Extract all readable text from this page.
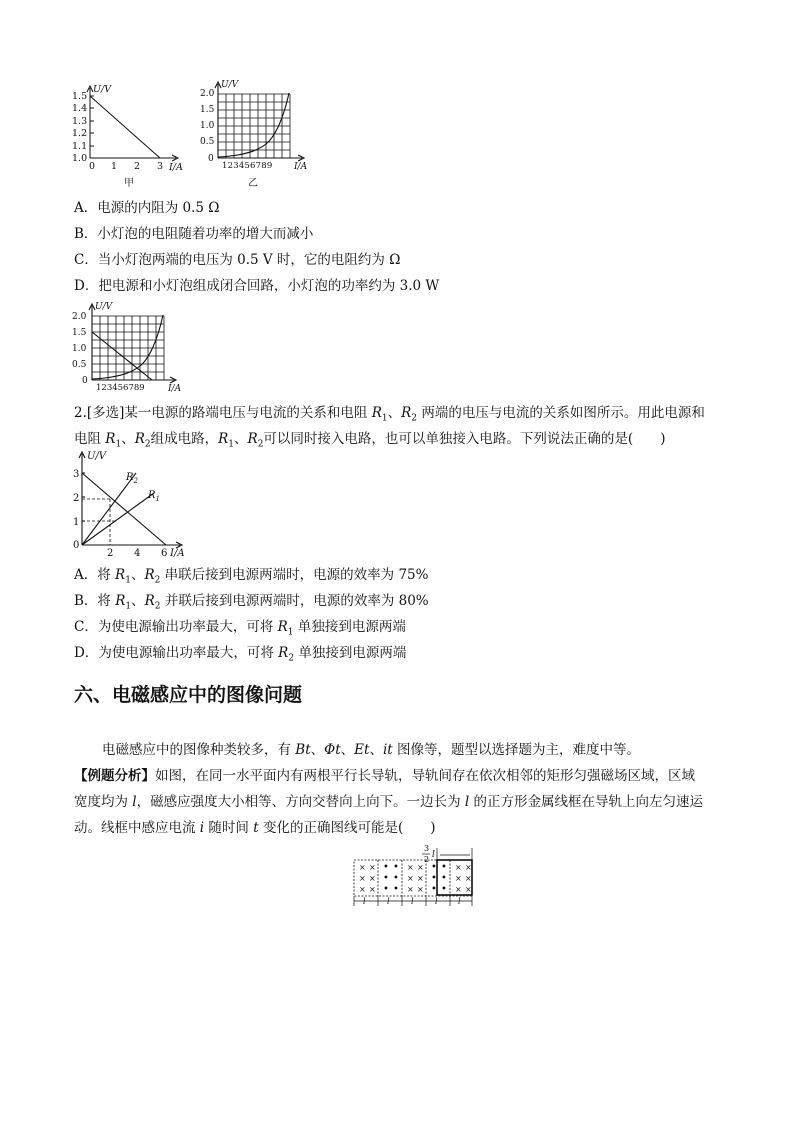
U/V
1.5
1.4
1.3
1.2
1.1
1.0
0 1 2 3 I/A
甲
U/V
2.0
1.5
1.0
0.5
0
123456789 I/A
乙
A．电源的内阻为 0.5 Ω
B．小灯泡的电阻随着功率的增大而减小
C．当小灯泡两端的电压为 0.5 V 时，它的电阻约为 Ω
D．把电源和小灯泡组成闭合回路，小灯泡的功率约为 3.0 W
U/V
2.0
1.5
1.0
0.5
0
123456789	I/A
2.[多选]某一电源的路端电压与电流的关系和电阻 $R_1$、$R_2$ 两端的电压与电流的关系如图所示。用此电源和
电阻 $R_1$、$R_2$组成电路，$R_1$、$R_2$可以同时接入电路，也可以单独接入电路。下列说法正确的是(　　)
U/V
3
2
1
0
2 4 6 I/A
$R_2$
$R_1$
A．将 $R_1$、$R_2$ 串联后接到电源两端时，电源的效率为 75%
B．将 $R_1$、$R_2$ 并联后接到电源两端时，电源的效率为 80%
C．为使电源输出功率最大，可将 $R_1$ 单独接到电源两端
D．为使电源输出功率最大，可将 $R_2$ 单独接到电源两端
六、电磁感应中的图像问题
电磁感应中的图像种类较多，有 Bt、Φt、Et、it 图像等，题型以选择题为主，难度中等。
【例题分析】如图，在同一水平面内有两根平行长导轨，导轨间存在依次相邻的矩形匀强磁场区域，区域
宽度均为 l，磁感应强度大小相等、方向交替向上向下。一边长为 l 的正方形金属线框在导轨上向左匀速运
动。线框中感应电流 i 随时间 t 变化的正确图线可能是(　　)
3
2 l
× ×
× ×
× ×
• •
• •
• •
× ×
× ×
× ×
• •
• •
• •
× ×
× ×
× ×
l	l	l	l	l
